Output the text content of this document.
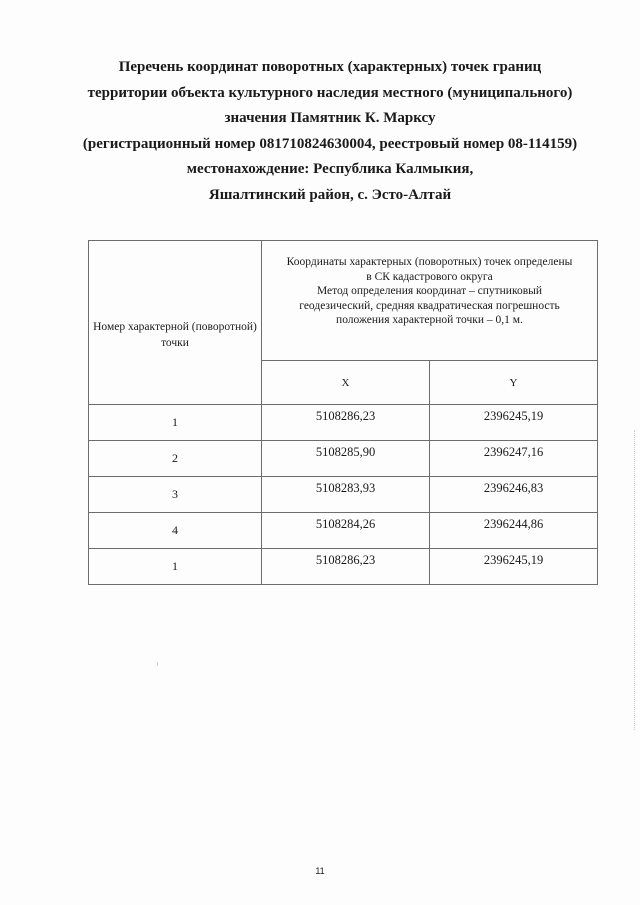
Перечень координат поворотных (характерных) точек границ
территории объекта культурного наследия местного (муниципального)
значения Памятник К. Марксу
(регистрационный номер 081710824630004, реестровый номер 08-114159)
местонахождение: Республика Калмыкия,
Яшалтинский район, с. Эсто-Алтай
Номер характерной (поворотной) точки	Координаты характерных (поворотных) точек определены
в СК кадастрового округа
Метод определения координат – спутниковый
геодезический, средняя квадратическая погрешность
положения характерной точки – 0,1 м.	

	X	Y
1	5108286,23	2396245,19
2	5108285,90	2396247,16
3	5108283,93	2396246,83
4	5108284,26	2396244,86
1	5108286,23	2396245,19
11
